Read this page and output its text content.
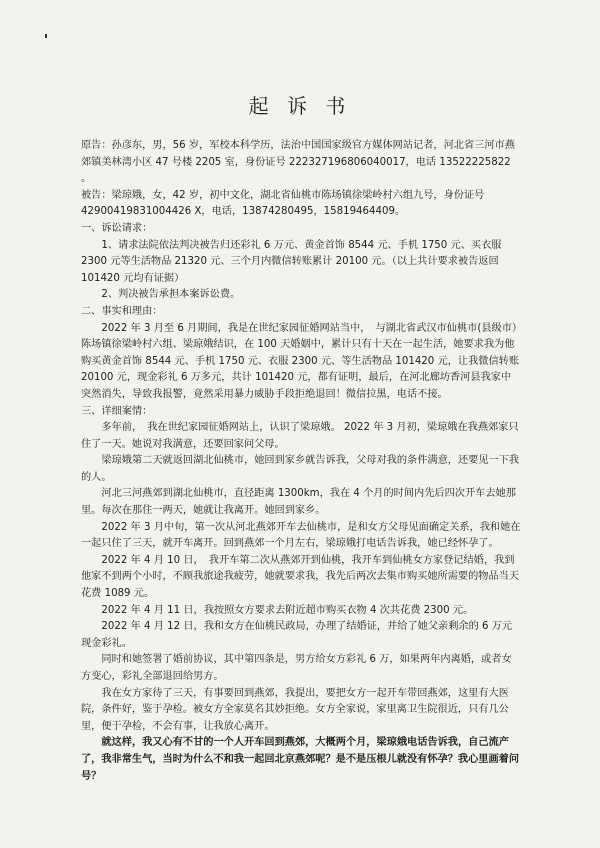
起 诉 书

原告：孙彦东，男，56 岁，军校本科学历，法治中国国家级官方媒体网站记者，河北省三河市燕郊镇美林湾小区 47 号楼 2205 室，身份证号 222327196806040017，电话 13522225822 。

被告：梁琼娥，女，42 岁，初中文化，湖北省仙桃市陈场镇徐梁岭村六组九号，身份证号 42900419831004426 X，电话，13874280495，15819464409。

一、诉讼请求：

1、请求法院依法判决被告归还彩礼 6 万元、黄金首饰 8544 元、手机 1750 元、买衣服 2300 元等生活物品 21320 元、三个月内微信转账累计 20100 元。（以上共计要求被告返回 101420 元均有证据）

2、判决被告承担本案诉讼费。

二、事实和理由：

2022 年 3 月至 6 月期间，我是在世纪家园征婚网站当中，　与湖北省武汉市仙桃市(县级市）陈场镇徐梁岭村六组、梁琼娥结识，在 100 天婚姻中，累计只有十天在一起生活，她要求我为他购买黄金首饰 8544 元、手机 1750 元、衣服 2300 元、等生活物品 101420 元，让我微信转账 20100 元，现金彩礼 6 万多元，共计 101420 元，都有证明，最后，在河北廊坊香河县我家中突然消失，导致我报警，竟然采用暴力威胁手段拒绝退回！微信拉黑，电话不接。

三、详细案情：

多年前，　我在世纪家园征婚网站上，认识了梁琼娥。 2022 年 3 月初，梁琼娥在我燕郊家只住了一天。她说对我满意，还要回家问父母。

梁琼娥第二天就返回湖北仙桃市，她回到家乡就告诉我，父母对我的条件满意，还要见一下我的人。

河北三河燕郊到湖北仙桃市，直径距离 1300km，我在 4 个月的时间内先后四次开车去她那里。每次在那住一两天，她就让我离开。她回到家乡。

2022 年 3 月中旬，第一次从河北燕郊开车去仙桃市，是和女方父母见面确定关系，我和她在一起只住了三天，就开车离开。回到燕郊一个月左右，梁琼娥打电话告诉我，她已经怀孕了。

2022 年 4 月 10 日，　我开车第二次从燕郊开到仙桃，我开车到仙桃女方家登记结婚，我到他家不到两个小时，不顾我旅途我疲劳，她就要求我，我先后两次去集市购买她所需要的物品当天花费 1089 元。

2022 年 4 月 11 日，我按照女方要求去附近超市购买衣物 4 次共花费 2300 元。

2022 年 4 月 12 日，我和女方在仙桃民政局，办理了结婚证，并给了她父亲剩余的 6 万元现金彩礼。

同时和她签署了婚前协议，其中第四条是，男方给女方彩礼 6 万，如果两年内离婚，或者女方变心，彩礼全部退回给男方。

我在女方家待了三天，有事要回到燕郊，我提出，要把女方一起开车带回燕郊，这里有大医院，条件好，鉴于孕检。被女方全家莫名其妙拒绝。女方全家说，家里离卫生院很近，只有几公里，便于孕检，不会有事，让我放心离开。

就这样，我又心有不甘的一个人开车回到燕郊，大概两个月，梁琼娥电话告诉我，自己流产了，我非常生气，当时为什么不和我一起回北京燕郊呢？是不是压根儿就没有怀孕？我心里画着问号？
